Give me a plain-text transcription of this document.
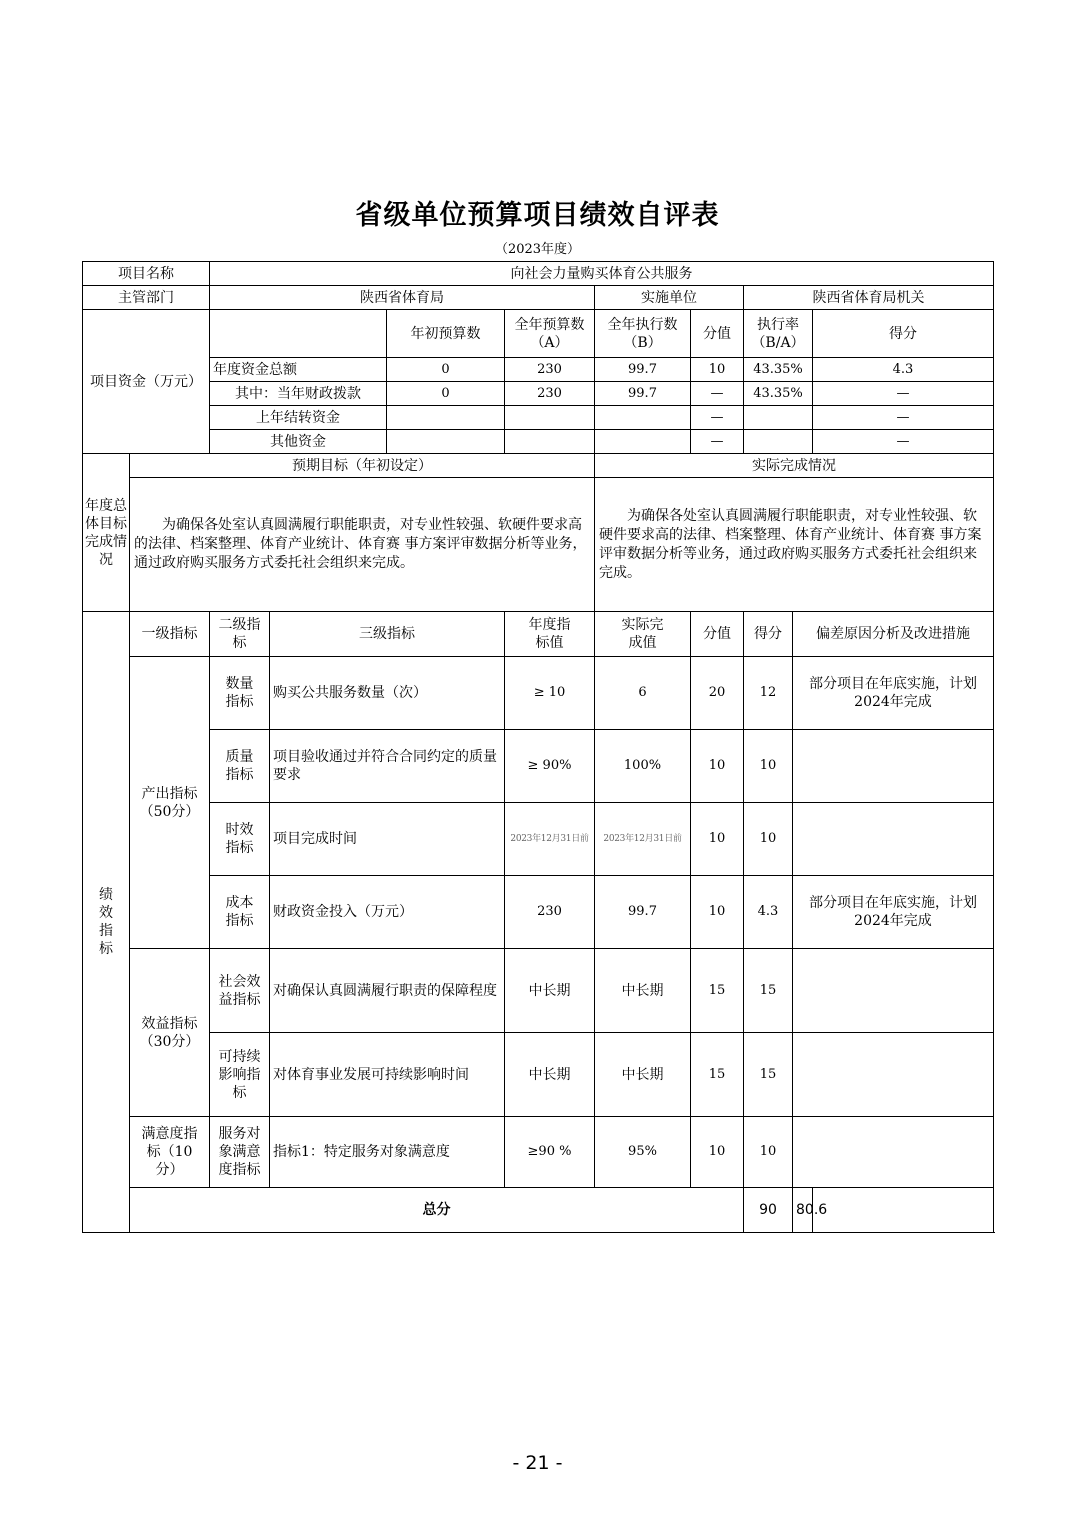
省级单位预算项目绩效自评表
（2023年度）
项目名称		向社会力量购买体育公共服务								
主管部门		陕西省体育局				实施单位		陕西省体育局机关		
项目资金（万元）				年初预算数	全年预算数（A）	全年执行数（B）	分值	执行率（B/A）		得分
		年度资金总额		0	230	99.7	10	43.35%		4.3
		其中：当年财政拨款		0	230	99.7	—	43.35%		—
		上年结转资金					—			—
		其他资金					—			—
年度总体目标完成情况	预期目标（年初设定）					实际完成情况				
	为确保各处室认真圆满履行职能职责，对专业性较强、软硬件要求高的法律、档案整理、体育产业统计、体育赛 事方案评审数据分析等业务，通过政府购买服务方式委托社会组织来完成。					为确保各处室认真圆满履行职能职责，对专业性较强、软硬件要求高的法律、档案整理、体育产业统计、体育赛 事方案评审数据分析等业务，通过政府购买服务方式委托社会组织来完成。				
绩效指标	一级指标	二级指标	三级指标		年度指标值	实际完成值	分值	得分	偏差原因分析及改进措施	
	产出指标（50分）	数量指标	购买公共服务数量（次）		≥ 10	6	20	12	部分项目在年底实施，计划2024年完成	
		质量指标	项目验收通过并符合合同约定的质量要求		≥ 90%	100%	10	10		
		时效指标	项目完成时间		2023年12月31日前	2023年12月31日前	10	10		
		成本指标	财政资金投入（万元）		230	99.7	10	4.3	部分项目在年底实施，计划2024年完成	
	效益指标（30分）	社会效益指标	对确保认真圆满履行职责的保障程度		中长期	中长期	15	15		
		可持续影响指标	对体育事业发展可持续影响时间		中长期	中长期	15	15		
	满意度指标（10分）	服务对象满意度指标	指标1：特定服务对象满意度		≥90 %	95%	10	10		
	总分							90	80.6	
- 21 -
